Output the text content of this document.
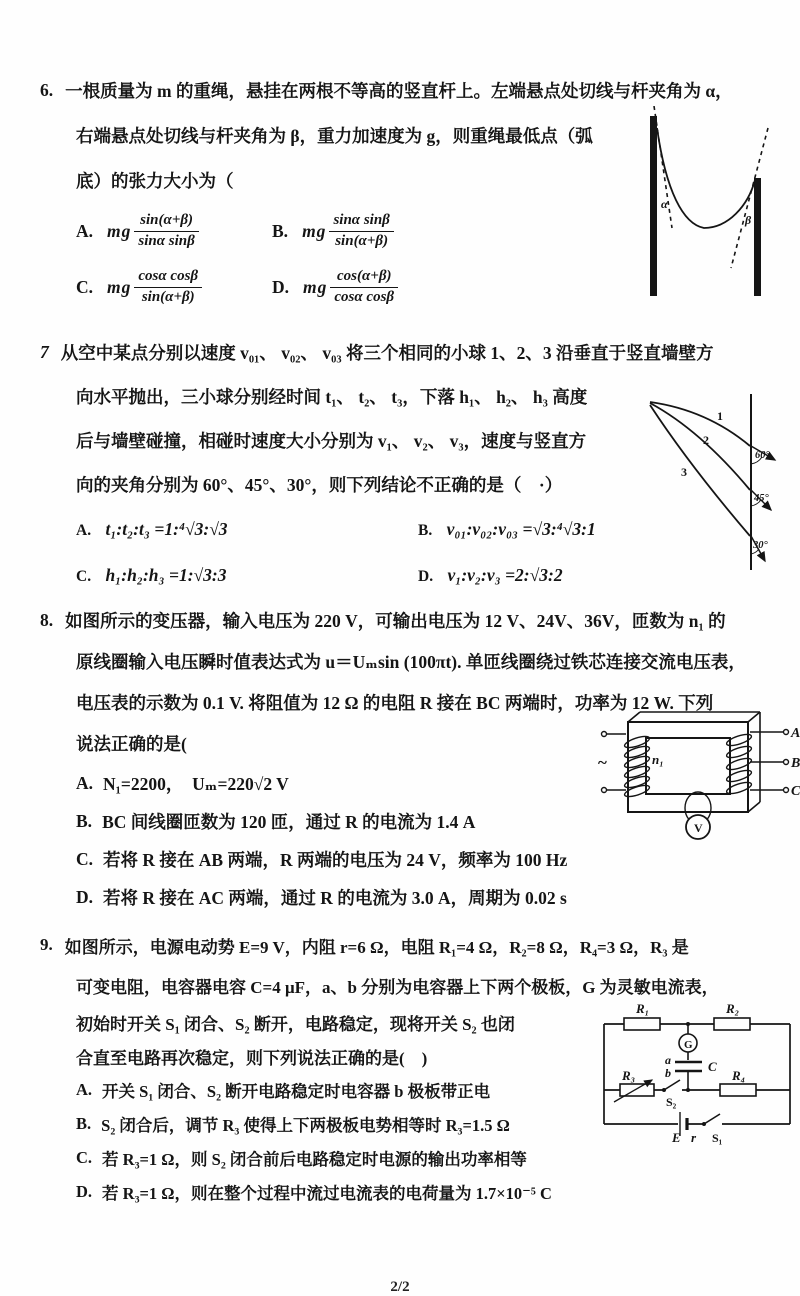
6. 一根质量为 m 的重绳，悬挂在两根不等高的竖直杆上。左端悬点处切线与杆夹角为 α，
右端悬点处切线与杆夹角为 β，重力加速度为 g，则重绳最低点（弧
底）的张力大小为（
A. mg $\frac{\sin(\alpha+\beta)}{\text{sinα sinβ}}$	B. mg $\frac{\text{sinα sinβ}}{\sin(\alpha+\beta)}$
C. mg $\frac{\text{cosα cosβ}}{\sin(\alpha+\beta)}$	D. mg $\frac{\cos(\alpha+\beta)}{\text{cosα cosβ}}$
α
β
7 从空中某点分别以速度 v₀₁、 v₀₂、 v₀₃ 将三个相同的小球 1、2、3 沿垂直于竖直墙壁方
向水平抛出，三小球分别经时间 t₁、 t₂、 t₃，下落 h₁、 h₂、 h₃ 高度
后与墙壁碰撞，相碰时速度大小分别为 v₁、 v₂、 v₃，速度与竖直方
向的夹角分别为 60°、45°、30°，则下列结论不正确的是（　·）
A. t₁:t₂:t₃ =1:⁴√3:√3	B. v₀₁:v₀₂:v₀₃ =√3:⁴√3:1
C. h₁:h₂:h₃ =1:√3:3	D. v₁:v₂:v₃ =2:√3:2
1
2
3
60°
45°
30°
8. 如图所示的变压器，输入电压为 220 V，可输出电压为 12 V、24V、36V，匝数为 n₁ 的
原线圈输入电压瞬时值表达式为 u＝Uₘsin (100πt). 单匝线圈绕过铁芯连接交流电压表，
电压表的示数为 0.1 V. 将阻值为 12 Ω 的电阻 R 接在 BC 两端时，功率为 12 W. 下列
说法正确的是(
A. N₁=2200，　Uₘ=220√2 V
B. BC 间线圈匝数为 120 匝，通过 R 的电流为 1.4 A
C. 若将 R 接在 AB 两端，R 两端的电压为 24 V，频率为 100 Hz
D. 若将 R 接在 AC 两端，通过 R 的电流为 3.0 A，周期为 0.02 s
~	n₁
A
B
C
V
9. 如图所示，电源电动势 E=9 V，内阻 r=6 Ω，电阻 R₁=4 Ω，R₂=8 Ω，R₄=3 Ω，R₃ 是
可变电阻，电容器电容 C=4 μF，a、b 分别为电容器上下两个极板，G 为灵敏电流表，
初始时开关 S₁ 闭合、S₂ 断开，电路稳定，现将开关 S₂ 也闭
合直至电路再次稳定，则下列说法正确的是(　)
A. 开关 S₁ 闭合、S₂ 断开电路稳定时电容器 b 极板带正电
B. S₂ 闭合后，调节 R₃ 使得上下两极板电势相等时 R₃=1.5 Ω
C. 若 R₃=1 Ω，则 S₂ 闭合前后电路稳定时电源的输出功率相等
D. 若 R₃=1 Ω，则在整个过程中流过电流表的电荷量为 1.7×10⁻⁵ C
R₁	R₂
G
a
b	C
R₃
S₂
R₄
E r S₁
2/2
